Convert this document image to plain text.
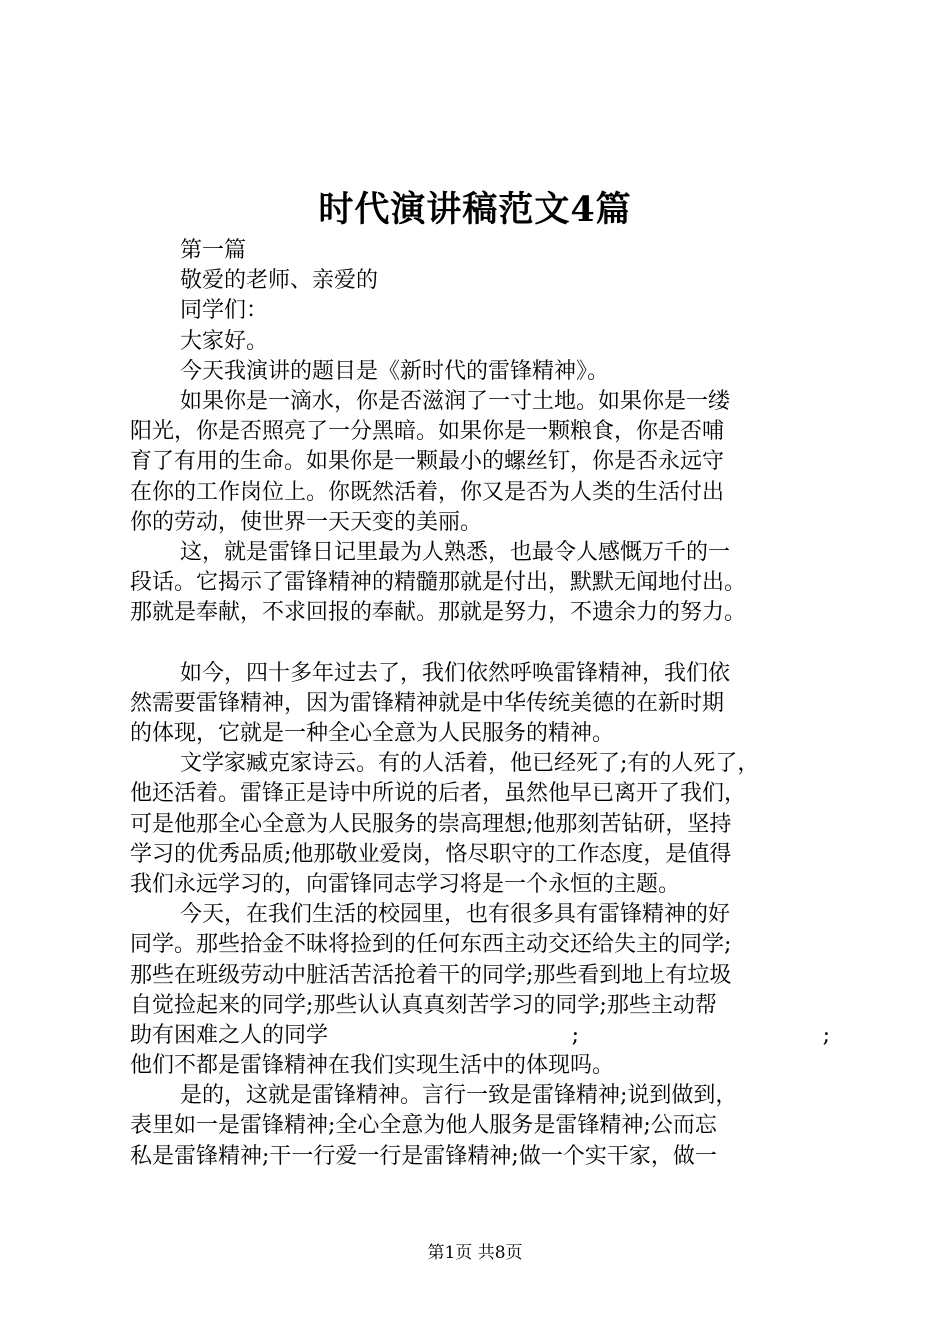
时代演讲稿范文4篇
第一篇
敬爱的老师、亲爱的
同学们：
大家好。
今天我演讲的题目是《新时代的雷锋精神》。
如果你是一滴水，你是否滋润了一寸土地。如果你是一缕
阳光，你是否照亮了一分黑暗。如果你是一颗粮食，你是否哺
育了有用的生命。如果你是一颗最小的螺丝钉，你是否永远守
在你的工作岗位上。你既然活着，你又是否为人类的生活付出
你的劳动，使世界一天天变的美丽。
这，就是雷锋日记里最为人熟悉，也最令人感慨万千的一
段话。它揭示了雷锋精神的精髓那就是付出，默默无闻地付出。
那就是奉献，不求回报的奉献。那就是努力，不遗余力的努力。
如今，四十多年过去了，我们依然呼唤雷锋精神，我们依
然需要雷锋精神，因为雷锋精神就是中华传统美德的在新时期
的体现，它就是一种全心全意为人民服务的精神。
文学家臧克家诗云。有的人活着，他已经死了;有的人死了，
他还活着。雷锋正是诗中所说的后者，虽然他早已离开了我们，
可是他那全心全意为人民服务的崇高理想;他那刻苦钻研，坚持
学习的优秀品质;他那敬业爱岗，恪尽职守的工作态度，是值得
我们永远学习的，向雷锋同志学习将是一个永恒的主题。
今天，在我们生活的校园里，也有很多具有雷锋精神的好
同学。那些拾金不昧将捡到的任何东西主动交还给失主的同学;
那些在班级劳动中脏活苦活抢着干的同学;那些看到地上有垃圾
自觉捡起来的同学;那些认认真真刻苦学习的同学;那些主动帮
助有困难之人的同学	;	;
他们不都是雷锋精神在我们实现生活中的体现吗。
是的，这就是雷锋精神。言行一致是雷锋精神;说到做到，
表里如一是雷锋精神;全心全意为他人服务是雷锋精神;公而忘
私是雷锋精神;干一行爱一行是雷锋精神;做一个实干家，做一
第1页 共8页
